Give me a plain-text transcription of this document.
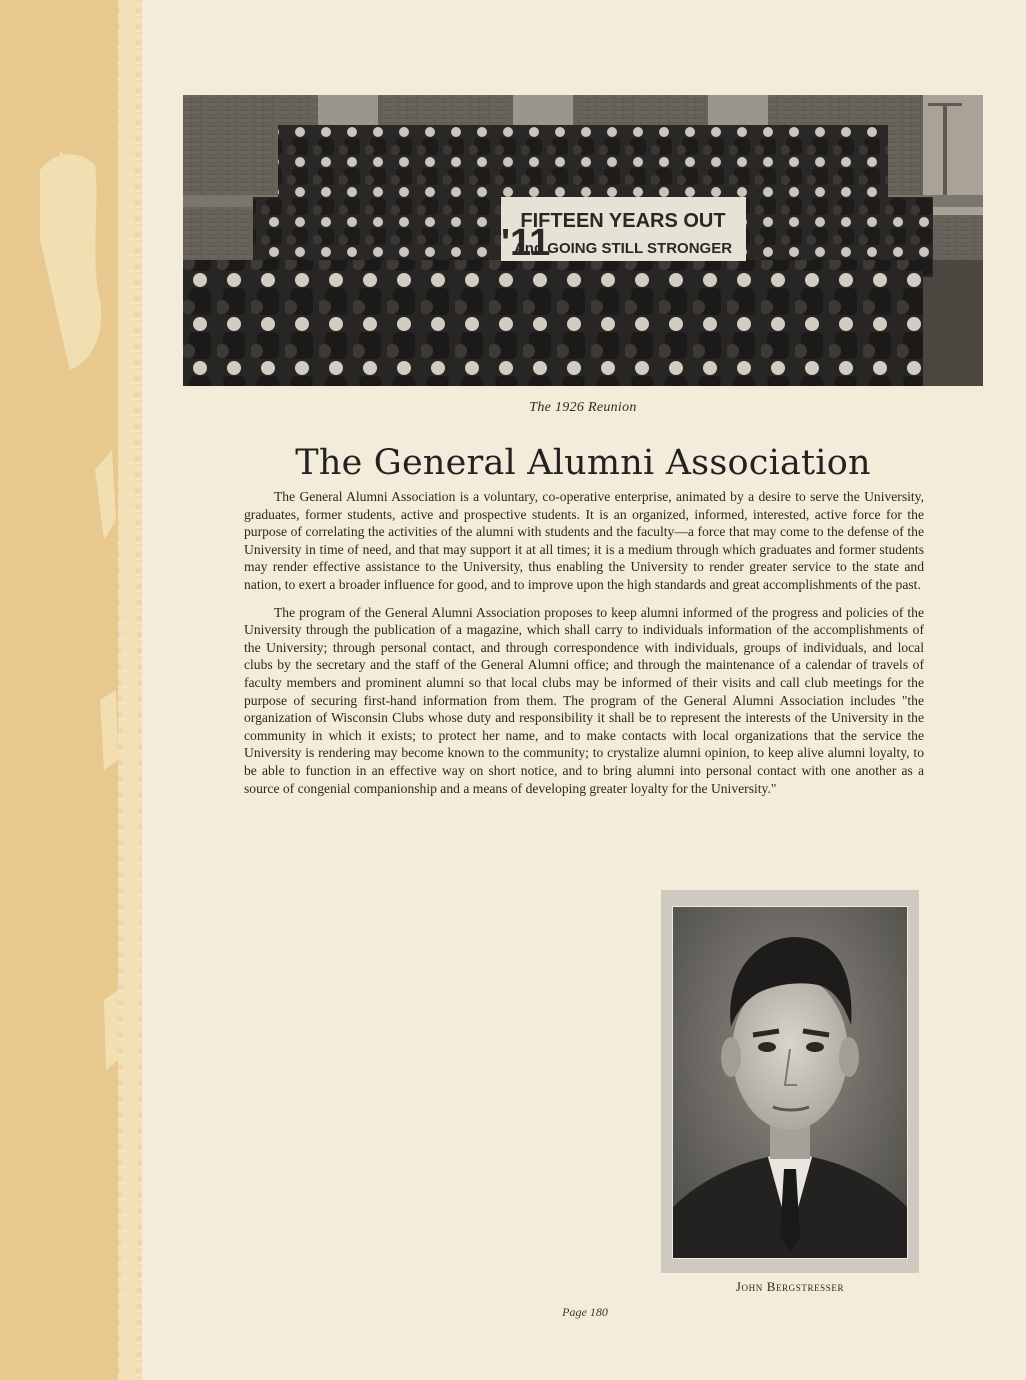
FIFTEEN YEARS OUT
And GOING STILL STRONGER
'11
The 1926 Reunion
The General Alumni Association

The General Alumni Association is a voluntary, co-operative enterprise, animated by a desire to serve the University, graduates, former students, active and prospective students. It is an organized, informed, interested, active force for the purpose of correlating the activities of the alumni with students and the faculty—a force that may come to the defense of the University in time of need, and that may support it at all times; it is a medium through which graduates and former students may render effective assistance to the University, thus enabling the University to render greater service to the state and nation, to exert a broader influence for good, and to improve upon the high standards and great accomplishments of the past.

The program of the General Alumni Association proposes to keep alumni informed of the progress and policies of the University through the publication of a magazine, which shall carry to individuals information of the accomplishments of the University; through personal contact, and through correspondence with individuals, groups of individuals, and local clubs by the secretary and the staff of the General Alumni office; and through the maintenance of a calendar of travels of faculty members and prominent alumni so that local clubs may be informed of their visits and call club meetings for the purpose of securing first-hand information from them. The program of the General Alumni Association includes "the organization of Wisconsin Clubs whose duty and responsibility it shall be to represent the interests of the University in the community in which it exists; to protect her name, and to make contacts with local organizations that the service the University is rendering may become known to the community; to crystalize alumni opinion, to keep alive alumni loyalty, to be able to function in an effective way on short notice, and to bring alumni into personal contact with one another as a source of congenial companionship and a means of developing greater loyalty for the University."

John Bergstresser
Page 180
